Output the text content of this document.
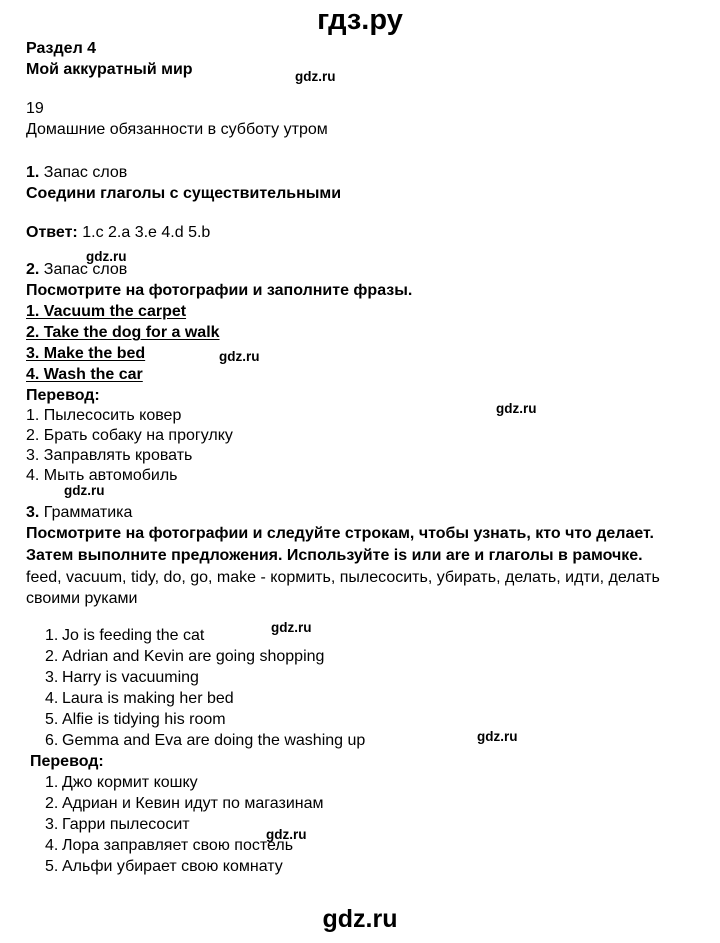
гдз.ру
Раздел 4
Мой аккуратный мир
19
Домашние обязанности в субботу утром
1. Запас слов
Соедини глаголы с существительными
Ответ: 1.c 2.a 3.e 4.d 5.b
2. Запас слов
Посмотрите на фотографии и заполните фразы.
1. Vacuum the carpet
2. Take the dog for a walk
3. Make the bed
4. Wash the car
Перевод:
1. Пылесосить ковер
2. Брать собаку на прогулку
3. Заправлять кровать
4. Мыть автомобиль
3. Грамматика
Посмотрите на фотографии и следуйте строкам, чтобы узнать, кто что делает. Затем выполните предложения. Используйте is или are и глаголы в рамочке.
feed, vacuum, tidy, do, go, make - кормить, пылесосить, убирать, делать, идти, делать своими руками
1. Jo is feeding the cat
2. Adrian and Kevin are going shopping
3. Harry is vacuuming
4. Laura is making her bed
5. Alfie is tidying his room
6. Gemma and Eva are doing the washing up
Перевод:
1. Джо кормит кошку
2. Адриан и Кевин идут по магазинам
3. Гарри пылесосит
4. Лора заправляет свою постель
5. Альфи убирает свою комнату
gdz.ru
gdz.ru
gdz.ru
gdz.ru
gdz.ru
gdz.ru
gdz.ru
gdz.ru
gdz.ru
